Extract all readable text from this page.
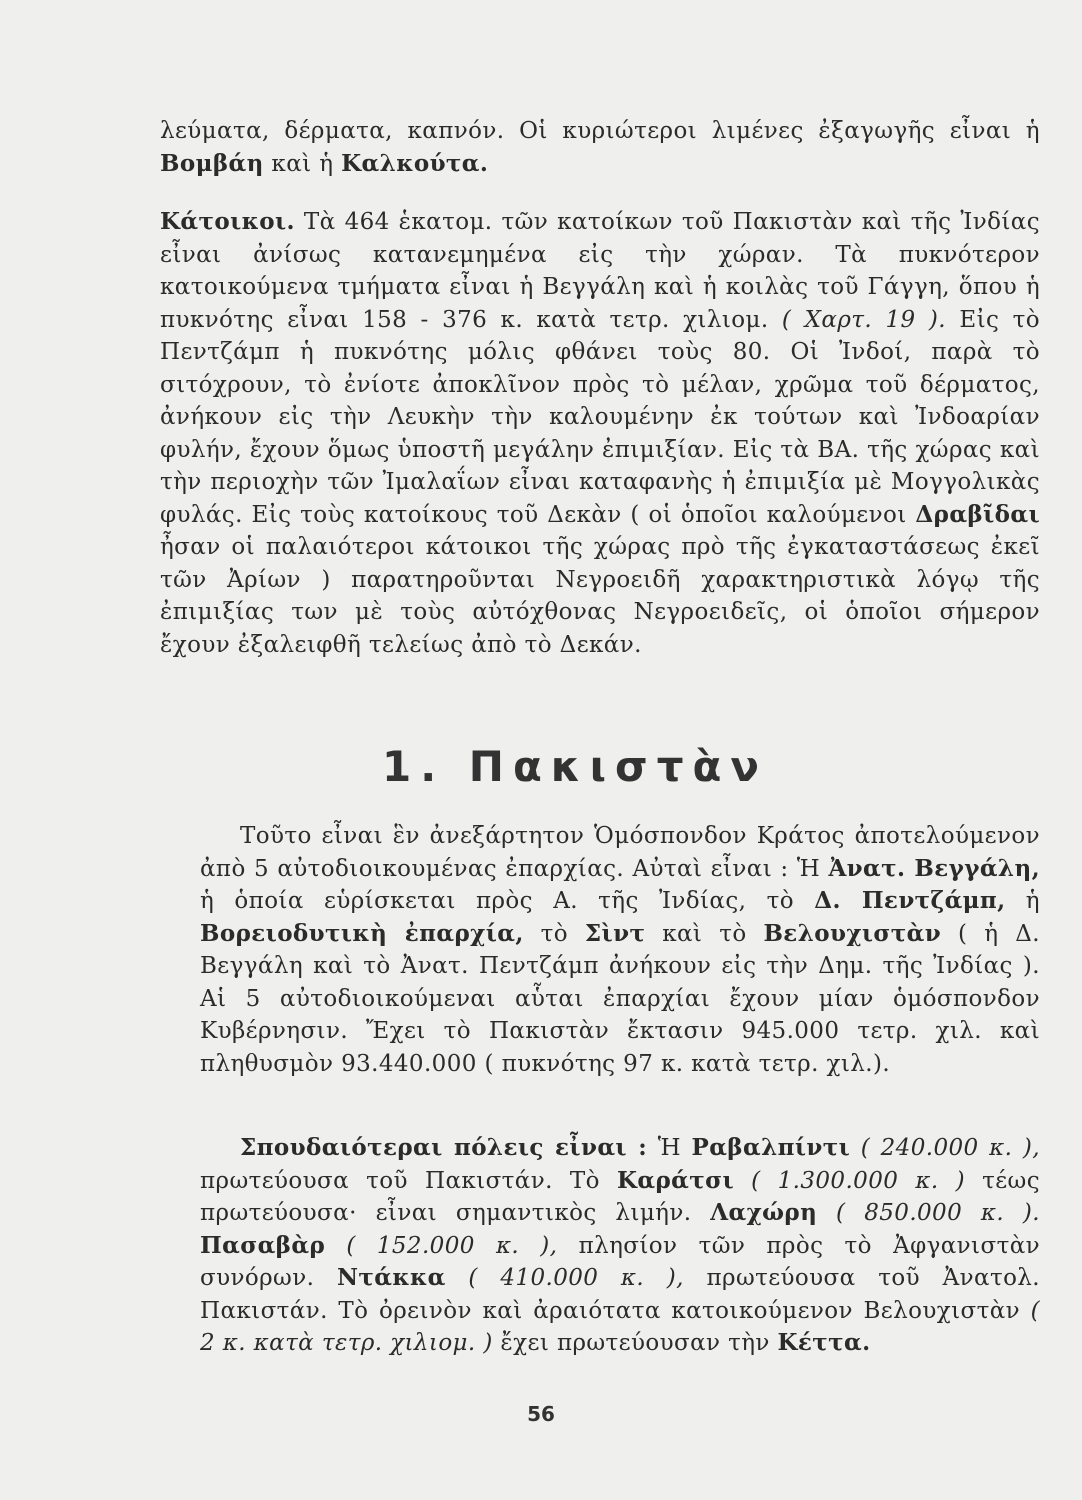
λεύματα, δέρματα, καπνόν. Οἱ κυριώτεροι λιμένες ἐξαγωγῆς εἶναι ἡ Βομβάη καὶ ἡ Καλκούτα.

Κάτοικοι. Τὰ 464 ἑκατομ. τῶν κατοίκων τοῦ Πακιστὰν καὶ τῆς Ἰνδίας εἶναι ἀνίσως κατανεμημένα εἰς τὴν χώραν. Τὰ πυκνότερον κατοικούμενα τμήματα εἶναι ἡ Βεγγάλη καὶ ἡ κοιλὰς τοῦ Γάγγη, ὅπου ἡ πυκνότης εἶναι 158 - 376 κ. κατὰ τετρ. χιλιομ. ( Χαρτ. 19 ). Εἰς τὸ Πεντζάμπ ἡ πυκνότης μόλις φθάνει τοὺς 80. Οἱ Ἰνδοί, παρὰ τὸ σιτόχρουν, τὸ ἐνίοτε ἀποκλῖνον πρὸς τὸ μέλαν, χρῶμα τοῦ δέρματος, ἀνήκουν εἰς τὴν Λευκὴν τὴν καλουμένην ἐκ τούτων καὶ Ἰνδοαρίαν φυλήν, ἔχουν ὅμως ὑποστῆ μεγάλην ἐπιμιξίαν. Εἰς τὰ ΒΑ. τῆς χώρας καὶ τὴν περιοχὴν τῶν Ἰμαλαΐων εἶναι καταφανὴς ἡ ἐπιμιξία μὲ Μογγολικὰς φυλάς. Εἰς τοὺς κατοίκους τοῦ Δεκὰν ( οἱ ὁποῖοι καλούμενοι Δραβῖδαι ἦσαν οἱ παλαιότεροι κάτοικοι τῆς χώρας πρὸ τῆς ἐγκαταστάσεως ἐκεῖ τῶν Ἀρίων ) παρατηροῦνται Νεγροειδῆ χαρακτηριστικὰ λόγῳ τῆς ἐπιμιξίας των μὲ τοὺς αὐτόχθονας Νεγροειδεῖς, οἱ ὁποῖοι σήμερον ἔχουν ἐξαλειφθῆ τελείως ἀπὸ τὸ Δεκάν.

1. Πακιστὰν

Τοῦτο εἶναι ἓν ἀνεξάρτητον Ὁμόσπονδον Κράτος ἀποτελούμενον ἀπὸ 5 αὐτοδιοικουμένας ἐπαρχίας. Αὐταὶ εἶναι : Ἡ Ἀνατ. Βεγγάλη, ἡ ὁποία εὑρίσκεται πρὸς Α. τῆς Ἰνδίας, τὸ Δ. Πεντζάμπ, ἡ Βορειοδυτικὴ ἐπαρχία, τὸ Σὶντ καὶ τὸ Βελουχιστὰν ( ἡ Δ. Βεγγάλη καὶ τὸ Ἀνατ. Πεντζάμπ ἀνήκουν εἰς τὴν Δημ. τῆς Ἰνδίας ). Αἱ 5 αὐτοδιοικούμεναι αὗται ἐπαρχίαι ἔχουν μίαν ὁμόσπονδον Κυβέρνησιν. Ἔχει τὸ Πακιστὰν ἔκτασιν 945.000 τετρ. χιλ. καὶ πληθυσμὸν 93.440.000 ( πυκνότης 97 κ. κατὰ τετρ. χιλ.).

Σπουδαιότεραι πόλεις εἶναι : Ἡ Ραβαλπίντι ( 240.000 κ. ), πρωτεύουσα τοῦ Πακιστάν. Τὸ Καράτσι ( 1.300.000 κ. ) τέως πρωτεύουσα· εἶναι σημαντικὸς λιμήν. Λαχώρη ( 850.000 κ. ). Πασαβὰρ ( 152.000 κ. ), πλησίον τῶν πρὸς τὸ Ἀφγανιστὰν συνόρων. Ντάκκα ( 410.000 κ. ), πρωτεύουσα τοῦ Ἀνατολ. Πακιστάν. Τὸ ὀρεινὸν καὶ ἀραιότατα κατοικούμενον Βελουχιστὰν ( 2 κ. κατὰ τετρ. χιλιομ. ) ἔχει πρωτεύουσαν τὴν Κέττα.

56
